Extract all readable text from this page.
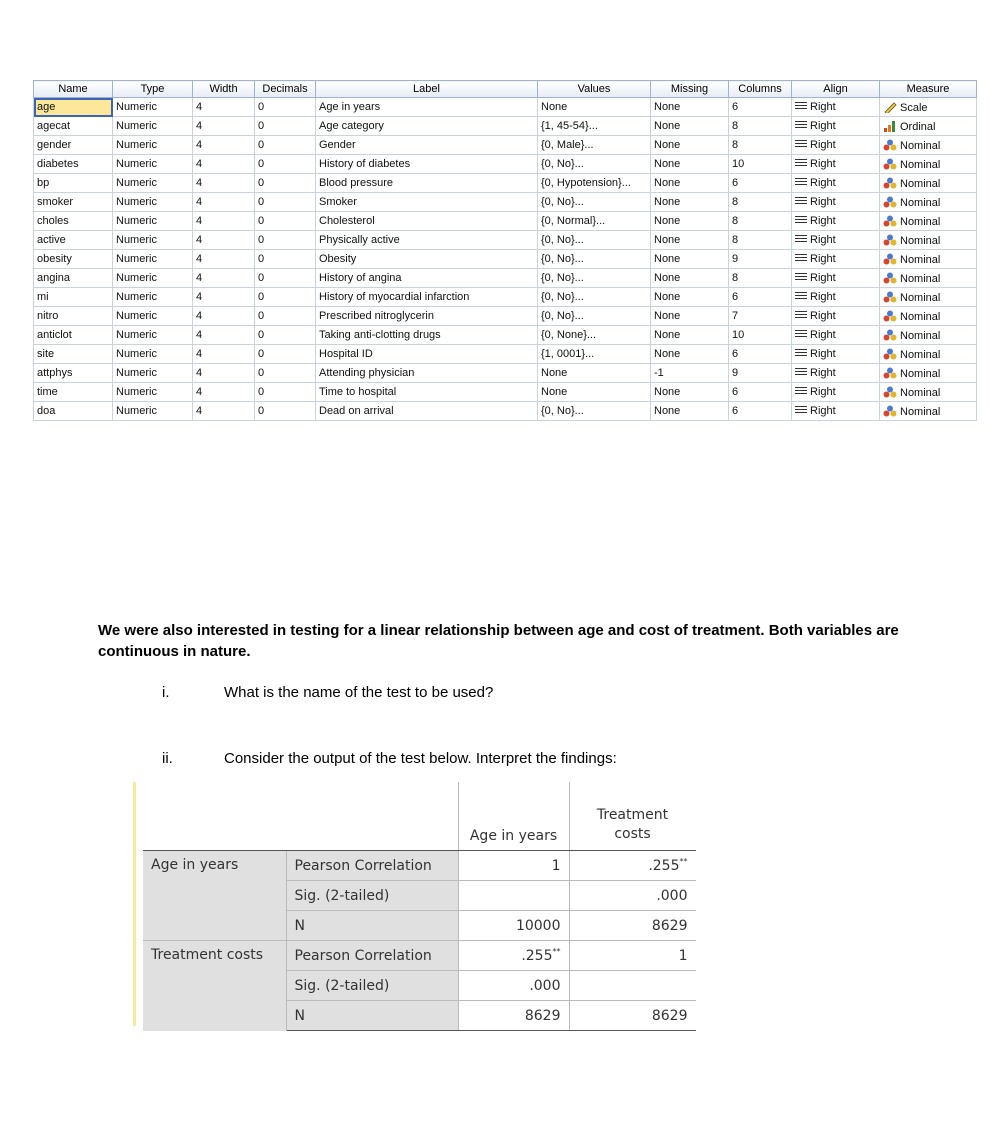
Name	Type	Width	Decimals	Label	Values	Missing	Columns	Align	Measure
age	Numeric	4	0	Age in years	None	None	6	Right	Scale
agecat	Numeric	4	0	Age category	{1, 45-54}...	None	8	Right	Ordinal
gender	Numeric	4	0	Gender	{0, Male}...	None	8	Right	Nominal
diabetes	Numeric	4	0	History of diabetes	{0, No}...	None	10	Right	Nominal
bp	Numeric	4	0	Blood pressure	{0, Hypotension}...	None	6	Right	Nominal
smoker	Numeric	4	0	Smoker	{0, No}...	None	8	Right	Nominal
choles	Numeric	4	0	Cholesterol	{0, Normal}...	None	8	Right	Nominal
active	Numeric	4	0	Physically active	{0, No}...	None	8	Right	Nominal
obesity	Numeric	4	0	Obesity	{0, No}...	None	9	Right	Nominal
angina	Numeric	4	0	History of angina	{0, No}...	None	8	Right	Nominal
mi	Numeric	4	0	History of myocardial infarction	{0, No}...	None	6	Right	Nominal
nitro	Numeric	4	0	Prescribed nitroglycerin	{0, No}...	None	7	Right	Nominal
anticlot	Numeric	4	0	Taking anti-clotting drugs	{0, None}...	None	10	Right	Nominal
site	Numeric	4	0	Hospital ID	{1, 0001}...	None	6	Right	Nominal
attphys	Numeric	4	0	Attending physician	None	-1	9	Right	Nominal
time	Numeric	4	0	Time to hospital	None	None	6	Right	Nominal
doa	Numeric	4	0	Dead on arrival	{0, No}...	None	6	Right	Nominal
We were also interested in testing for a linear relationship between age and cost of treatment. Both variables are continuous in nature.
i.	What is the name of the test to be used?
ii.	Consider the output of the test below. Interpret the findings:
		Age in years	Treatment costs
Age in years	Pearson Correlation	1	.255**
	Sig. (2-tailed)		.000
	N	10000	8629
Treatment costs	Pearson Correlation	.255**	1
	Sig. (2-tailed)	.000	
	N	8629	8629
